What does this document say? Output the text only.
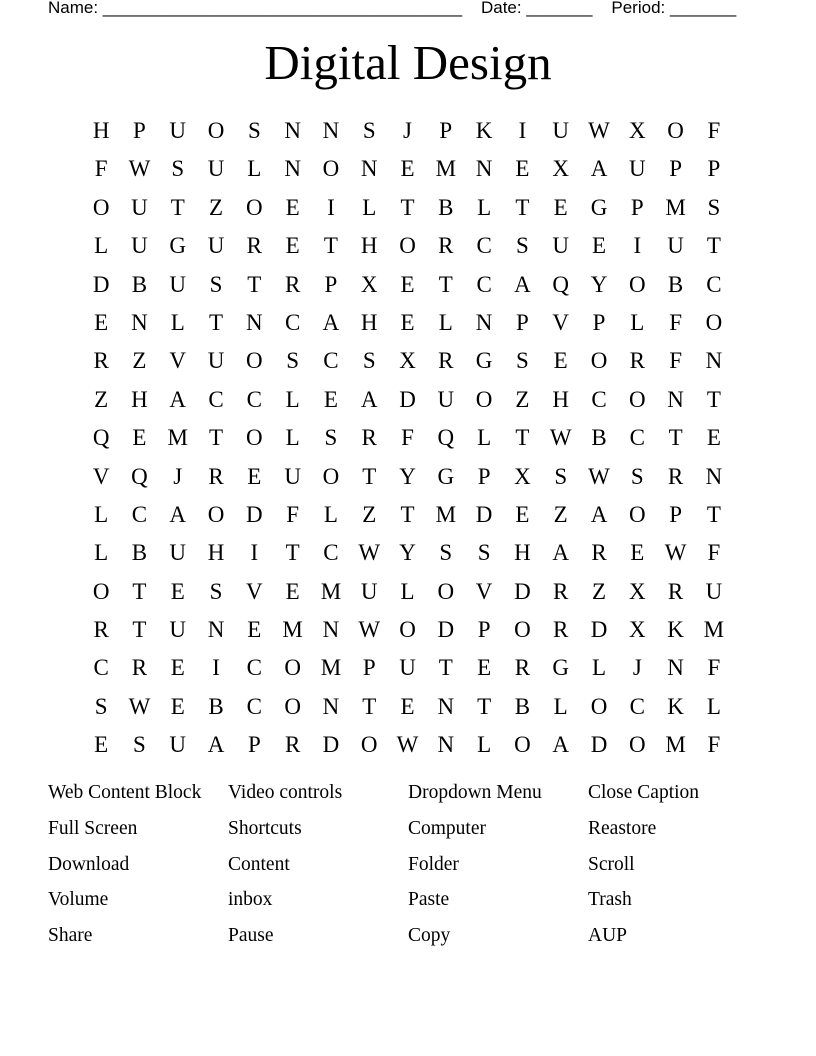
Name: ______________________________________    Date: _______    Period: _______
Digital Design
H	P	U O	S	N N	S	J	P	K	I	U W X O	F
F W S	U L N O N E M N E X A U	P	P
O U T	Z O E	I	L	T	B	L	T	E G	P M S
L U G U R	E	T H O R C	S	U E	I	U T
D B U	S	T	R	P	X E	T	C A Q Y O B C
E N L	T N C A H E	L N	P	V	P	L	F	O
R	Z V U O	S	C	S	X R G	S	E O R	F	N
Z H A C C	L	E A D U O Z H C O N T
Q E M T O L	S	R	F	Q L	T W B C	T	E
V Q	J	R	E U O T Y G	P	X	S W S	R N
L	C A O D	F	L	Z	T M D E	Z A O	P	T
L	B U H	I	T	C W Y	S	S	H A R	E W F
O T	E	S	V E M U L O V D R	Z X R U
R	T U N E M N W O D	P	O R D X K M
C R	E	I	C O M P	U T	E	R G L	J	N	F
S W E	B C O N T	E N T	B	L O C K L
E	S	U A	P	R D O W N L O A D O M F
Web Content Block	Video controls	Dropdown Menu	Close Caption
Full Screen	Shortcuts	Computer	Reastore
Download	Content	Folder	Scroll
Volume	inbox	Paste	Trash
Share	Pause	Copy	AUP
